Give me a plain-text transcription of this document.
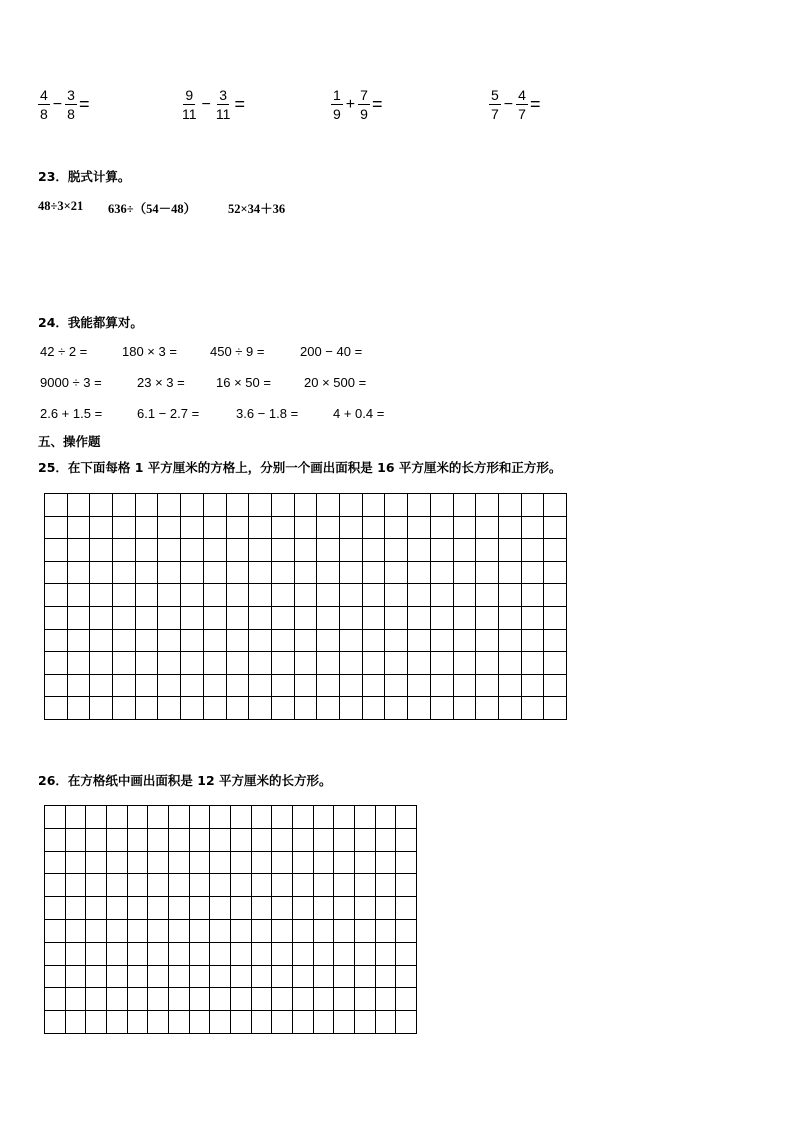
$\frac{4}{8} - \frac{3}{8}$ =	$\frac{9}{11} - \frac{3}{11}$ =	$\frac{1}{9} + \frac{7}{9}$ =	$\frac{5}{7} - \frac{4}{7}$ =
23．脱式计算。
48÷3×21 636÷（54－48）	52×34＋36
24．我能都算对。
42 ÷ 2 =	180 × 3 =	450 ÷ 9 =	200 − 40 =
9000 ÷ 3 =	23 × 3 = 16 × 50 =	20 × 500 =
2.6 + 1.5 =	6.1 − 2.7 =	3.6 − 1.8 =	4 + 0.4 =
五、操作题
25．在下面每格 1 平方厘米的方格上，分别一个画出面积是 16 平方厘米的长方形和正方形。
26．在方格纸中画出面积是 12 平方厘米的长方形。
